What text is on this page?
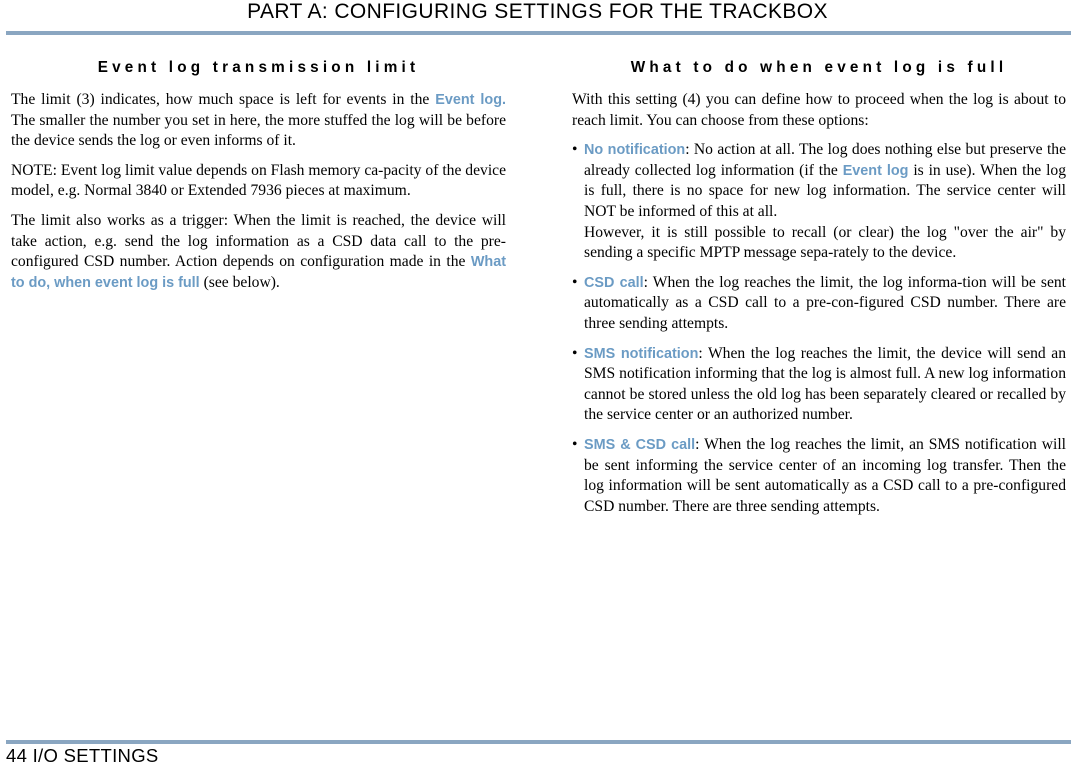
PART A: CONFIGURING SETTINGS FOR THE TRACKBOX
Event log transmission limit

The limit (3) indicates, how much space is left for events in the Event log. The smaller the number you set in here, the more stuffed the log will be before the device sends the log or even informs of it.

NOTE: Event log limit value depends on Flash memory ca-pacity of the device model, e.g. Normal 3840 or Extended 7936 pieces at maximum.

The limit also works as a trigger: When the limit is reached, the device will take action, e.g. send the log information as a CSD data call to the pre-configured CSD number. Action depends on configuration made in the What to do, when event log is full (see below).

What to do when event log is full

With this setting (4) you can define how to proceed when the log is about to reach limit. You can choose from these options:

• No notification: No action at all. The log does nothing else but preserve the already collected log information (if the Event log is in use). When the log is full, there is no space for new log information. The service center will NOT be informed of this at all.

However, it is still possible to recall (or clear) the log "over the air" by sending a specific MPTP message sepa-rately to the device.

• CSD call: When the log reaches the limit, the log informa-tion will be sent automatically as a CSD call to a pre-con-figured CSD number. There are three sending attempts.

• SMS notification: When the log reaches the limit, the device will send an SMS notification informing that the log is almost full. A new log information cannot be stored unless the old log has been separately cleared or recalled by the service center or an authorized number.

• SMS & CSD call: When the log reaches the limit, an SMS notification will be sent informing the service center of an incoming log transfer. Then the log information will be sent automatically as a CSD call to a pre-configured CSD number. There are three sending attempts.

44 I/O SETTINGS
